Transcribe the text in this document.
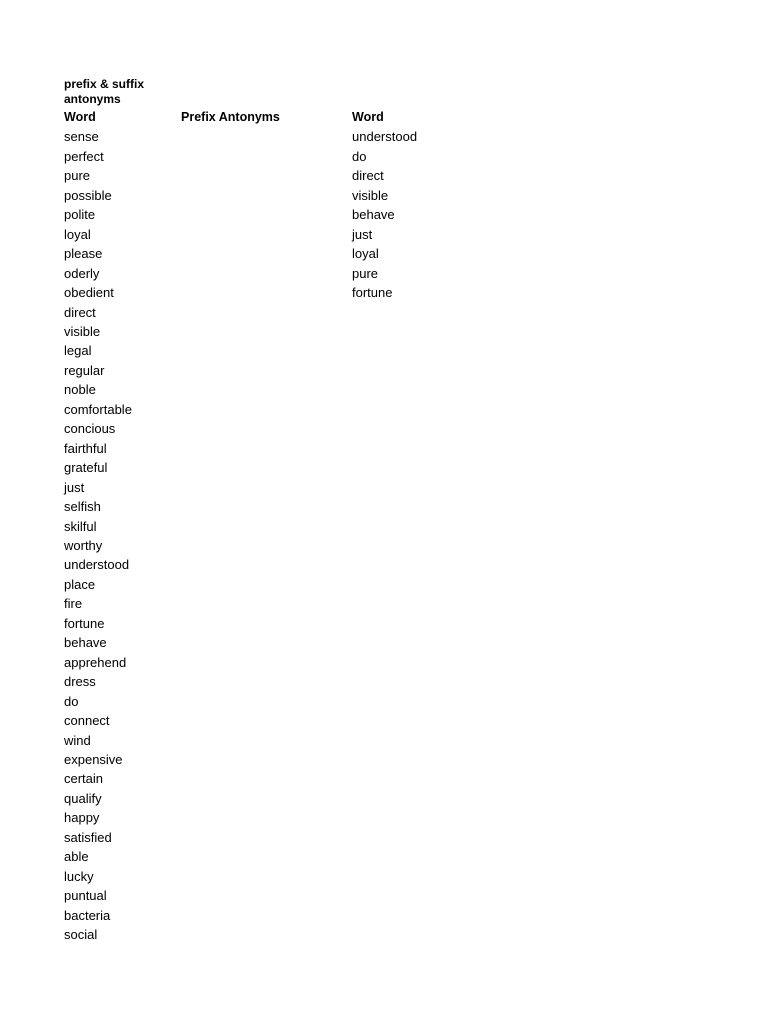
prefix & suffix antonyms
Word
sense
perfect
pure
possible
polite
loyal
please
oderly
obedient
direct
visible
legal
regular
noble
comfortable
concious
fairthful
grateful
just
selfish
skilful
worthy
understood
place
fire
fortune
behave
apprehend
dress
do
connect
wind
expensive
certain
qualify
happy
satisfied
able
lucky
puntual
bacteria
social
Prefix Antonyms	Word
understood
do
direct
visible
behave
just
loyal
pure
fortune
